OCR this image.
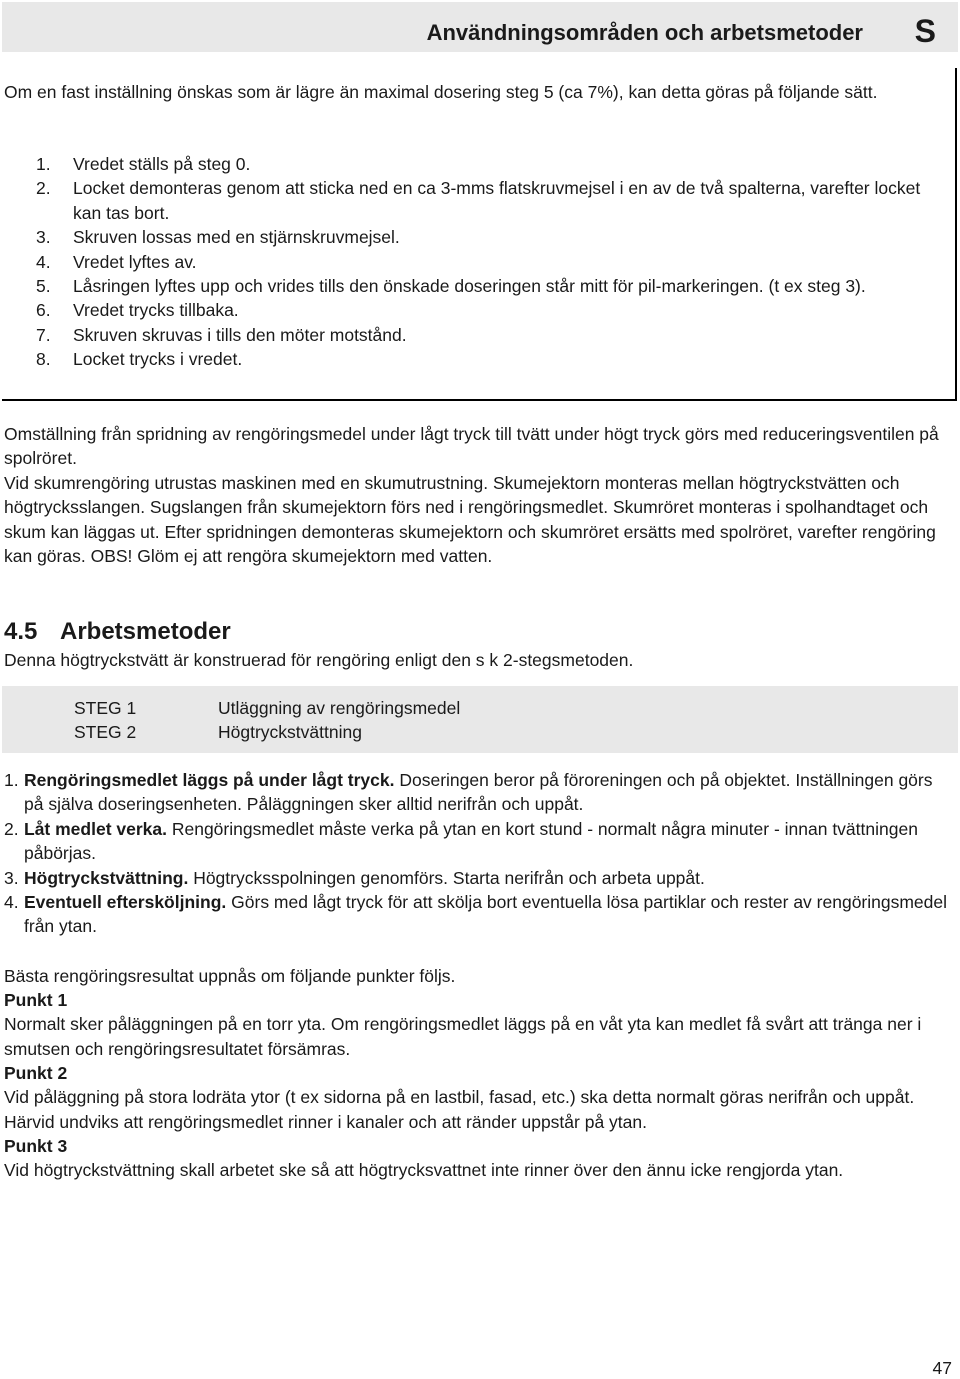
Användningsområden och arbetsmetoder S

Om en fast inställning önskas som är lägre än maximal dosering steg 5 (ca 7%), kan detta göras på följande sätt.

1.	Vredet ställs på steg 0.
2.	Locket demonteras genom att sticka ned en ca 3-mms flatskruvmejsel i en av de två spalterna, varefter locket kan tas bort.
3.	Skruven lossas med en stjärnskruvmejsel.
4.	Vredet lyftes av.
5.	Låsringen lyftes upp och vrides tills den önskade doseringen står mitt för pil-markeringen. (t ex steg 3).
6.	Vredet trycks tillbaka.
7.	Skruven skruvas i tills den möter motstånd.
8.	Locket trycks i vredet.

Omställning från spridning av rengöringsmedel under lågt tryck till tvätt under högt tryck görs med reduceringsventilen på spolröret.

Vid skumrengöring utrustas maskinen med en skumutrustning. Skumejektorn monteras mellan högtryckstvätten och högtrycksslangen. Sugslangen från skumejektorn förs ned i rengöringsmedlet. Skumröret monteras i spolhandtaget och skum kan läggas ut. Efter spridningen demonteras skumejektorn och skumröret ersätts med spolröret, varefter rengöring kan göras. OBS! Glöm ej att rengöra skumejektorn med vatten.

4.5 Arbetsmetoder

Denna högtryckstvätt är konstruerad för rengöring enligt den s k 2-stegsmetoden.

STEG 1	Utläggning av rengöringsmedel
STEG 2	Högtryckstvättning
1. Rengöringsmedlet läggs på under lågt tryck. Doseringen beror på föroreningen och på objektet. Inställningen görs på själva doseringsenheten. Påläggningen sker alltid nerifrån och uppåt.
2. Låt medlet verka. Rengöringsmedlet måste verka på ytan en kort stund - normalt några minuter - innan tvättningen påbörjas.
3. Högtryckstvättning. Högtrycksspolningen genomförs. Starta nerifrån och arbeta uppåt.
4. Eventuell eftersköljning. Görs med lågt tryck för att skölja bort eventuella lösa partiklar och rester av rengöringsmedel från ytan.

Bästa rengöringsresultat uppnås om följande punkter följs.

Punkt 1
Normalt sker påläggningen på en torr yta. Om rengöringsmedlet läggs på en våt yta kan medlet få svårt att tränga ner i smutsen och rengöringsresultatet försämras.
Punkt 2
Vid påläggning på stora lodräta ytor (t ex sidorna på en lastbil, fasad, etc.) ska detta normalt göras nerifrån och uppåt. Härvid undviks att rengöringsmedlet rinner i kanaler och att ränder uppstår på ytan.
Punkt 3
Vid högtryckstvättning skall arbetet ske så att högtrycksvattnet inte rinner över den ännu icke rengjorda ytan.
47
